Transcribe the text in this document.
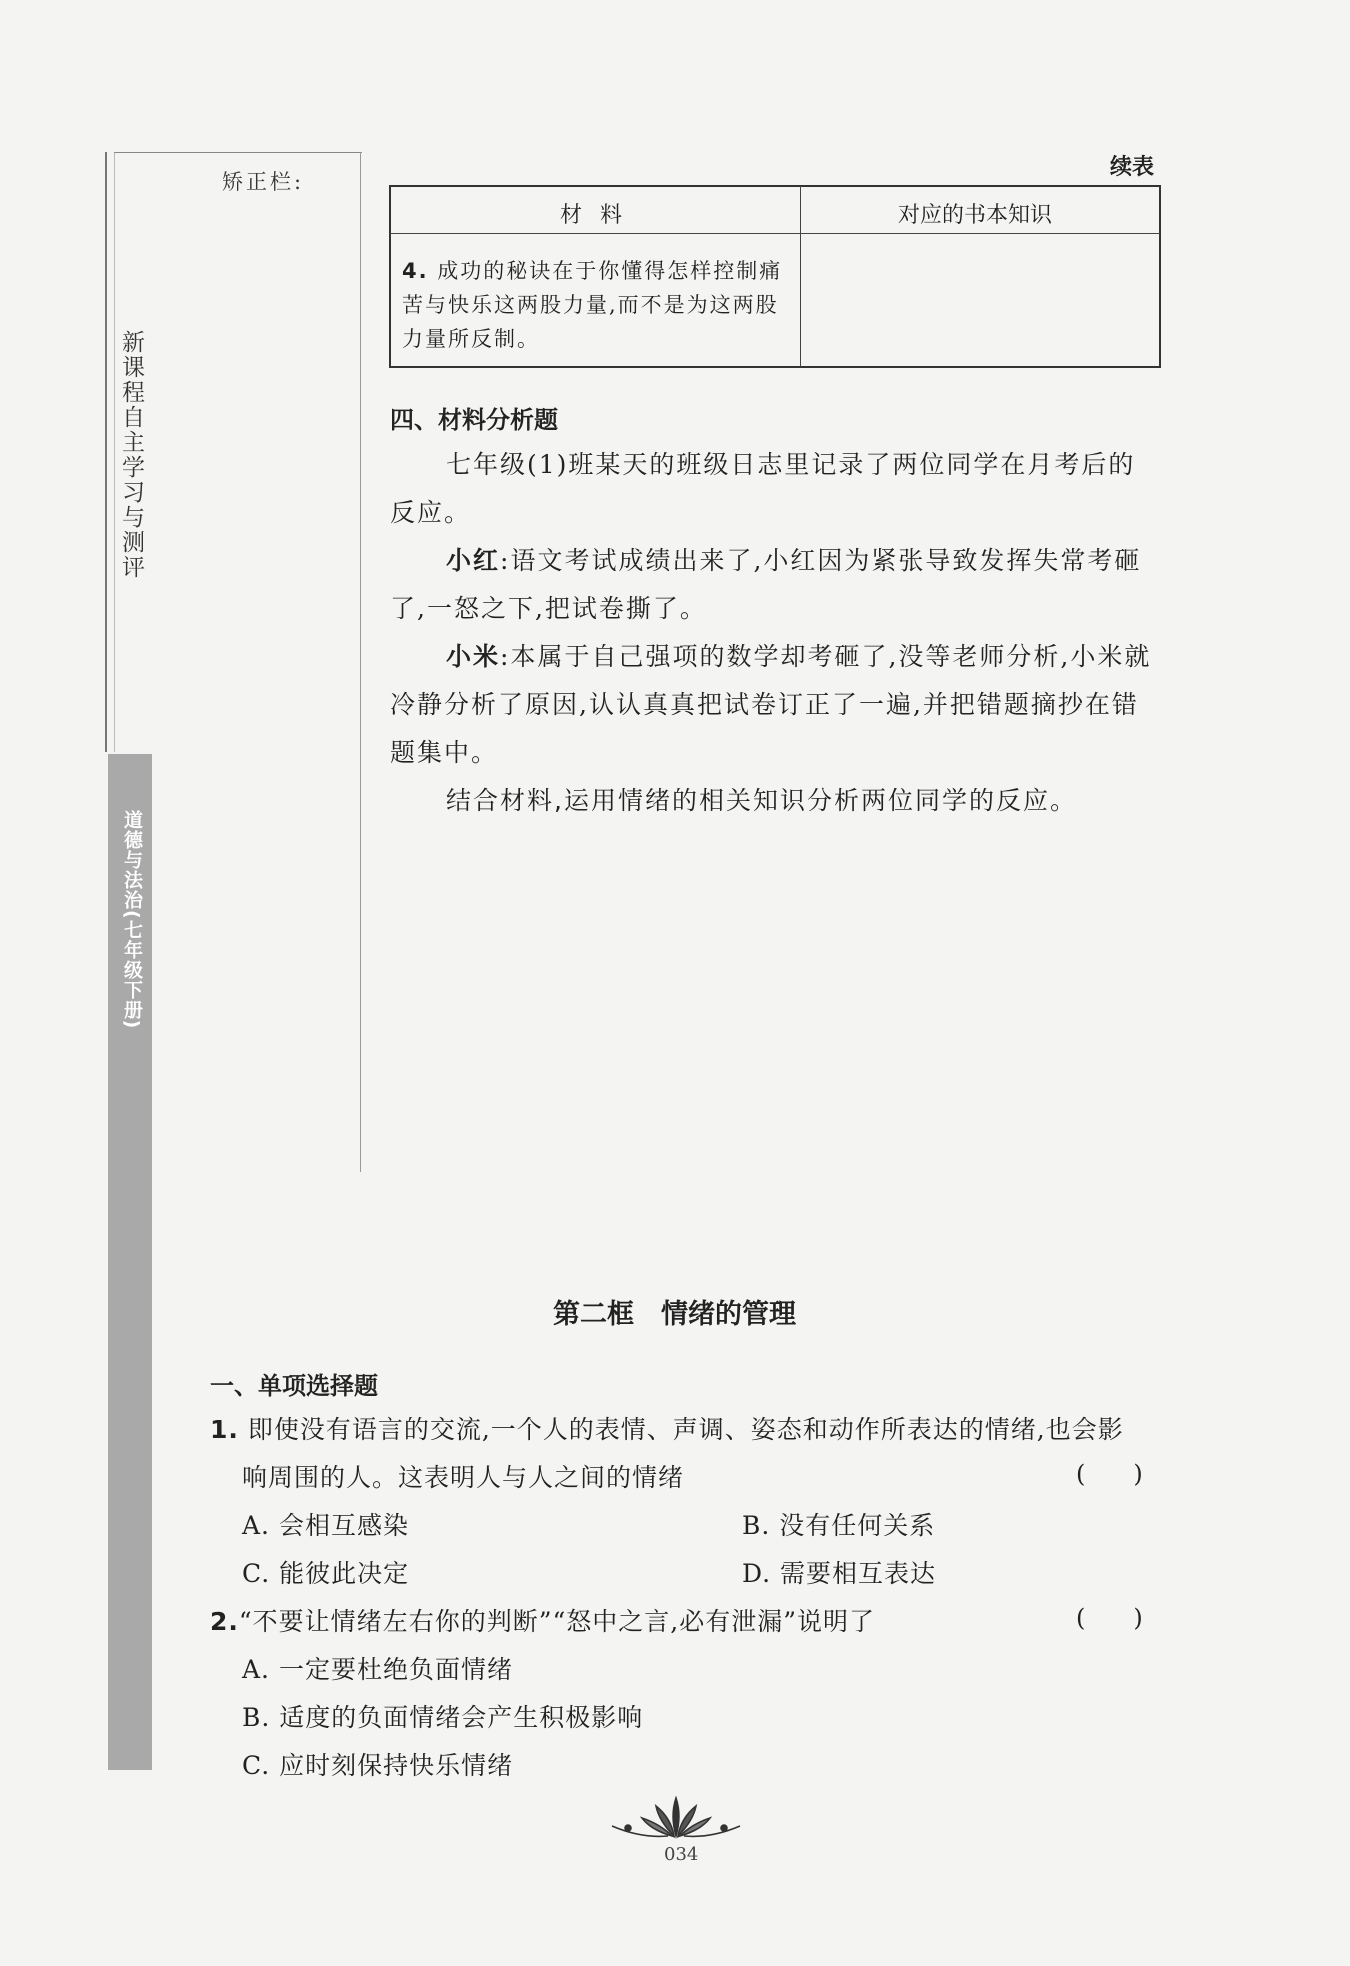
矫正栏:
新课程自主学习与测评
道德与法治(七年级下册)
续表
材料	对应的书本知识
4. 成功的秘诀在于你懂得怎样控制痛苦与快乐这两股力量,而不是为这两股力量所反制。
四、材料分析题
七年级(1)班某天的班级日志里记录了两位同学在月考后的反应。
小红:语文考试成绩出来了,小红因为紧张导致发挥失常考砸了,一怒之下,把试卷撕了。
小米:本属于自己强项的数学却考砸了,没等老师分析,小米就冷静分析了原因,认认真真把试卷订正了一遍,并把错题摘抄在错题集中。
结合材料,运用情绪的相关知识分析两位同学的反应。
第二框　情绪的管理
一、单项选择题
1. 即使没有语言的交流,一个人的表情、声调、姿态和动作所表达的情绪,也会影
响周围的人。这表明人与人之间的情绪	(　　)
A. 会相互感染	B. 没有任何关系
C. 能彼此决定	D. 需要相互表达
2.“不要让情绪左右你的判断”“怒中之言,必有泄漏”说明了	(　　)
A. 一定要杜绝负面情绪
B. 适度的负面情绪会产生积极影响
C. 应时刻保持快乐情绪
034
